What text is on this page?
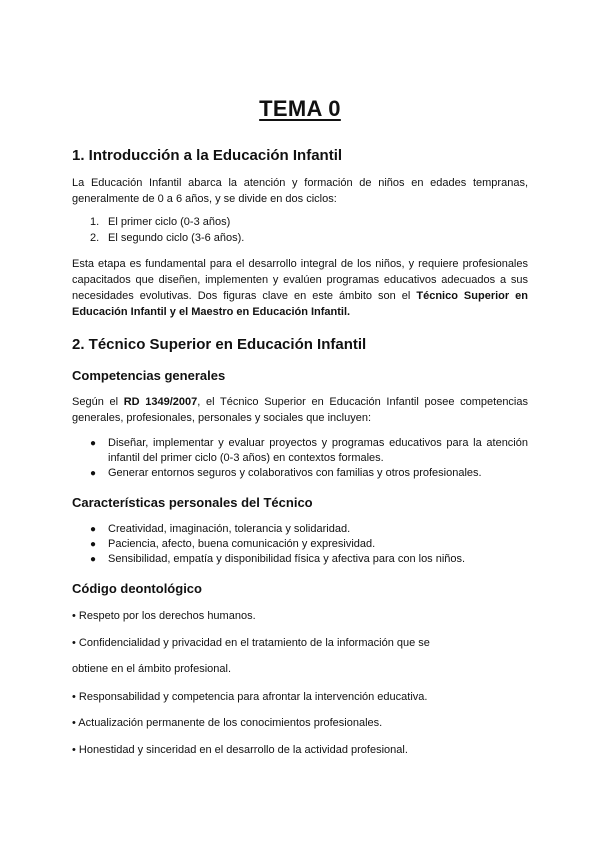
TEMA 0
1. Introducción a la Educación Infantil

La Educación Infantil abarca la atención y formación de niños en edades tempranas, generalmente de 0 a 6 años, y se divide en dos ciclos:

1. El primer ciclo (0-3 años)
2. El segundo ciclo (3-6 años).

Esta etapa es fundamental para el desarrollo integral de los niños, y requiere profesionales capacitados que diseñen, implementen y evalúen programas educativos adecuados a sus necesidades evolutivas. Dos figuras clave en este ámbito son el Técnico Superior en Educación Infantil y el Maestro en Educación Infantil.

2. Técnico Superior en Educación Infantil
Competencias generales

Según el RD 1349/2007, el Técnico Superior en Educación Infantil posee competencias generales, profesionales, personales y sociales que incluyen:

●	Diseñar, implementar y evaluar proyectos y programas educativos para la atención infantil del primer ciclo (0-3 años) en contextos formales.
●	Generar entornos seguros y colaborativos con familias y otros profesionales.
Características personales del Técnico
●	Creatividad, imaginación, tolerancia y solidaridad.
●	Paciencia, afecto, buena comunicación y expresividad.
●	Sensibilidad, empatía y disponibilidad física y afectiva para con los niños.
Código deontológico
• Respeto por los derechos humanos.
• Confidencialidad y privacidad en el tratamiento de la información que se
obtiene en el ámbito profesional.
• Responsabilidad y competencia para afrontar la intervención educativa.
• Actualización permanente de los conocimientos profesionales.
• Honestidad y sinceridad en el desarrollo de la actividad profesional.
